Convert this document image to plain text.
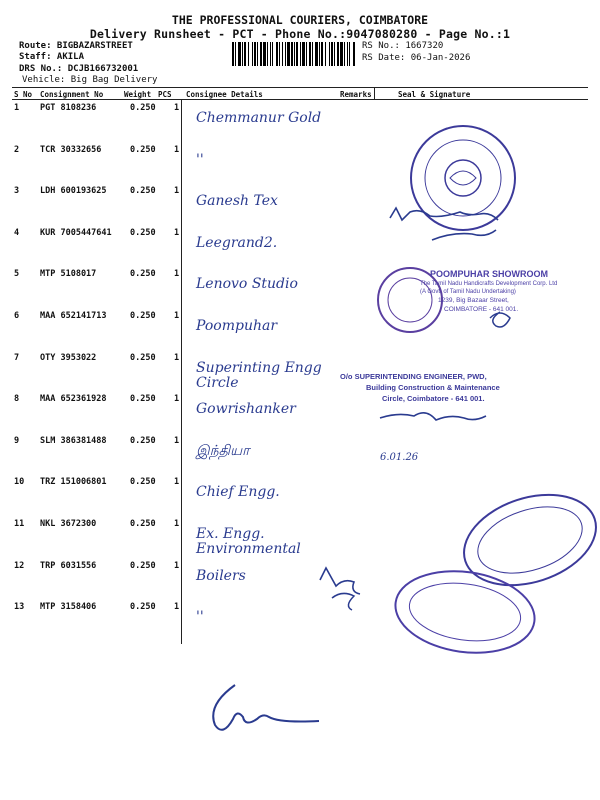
THE PROFESSIONAL COURIERS, COIMBATORE
Delivery Runsheet - PCT - Phone No.:9047080280 - Page No.:1
Route: BIGBAZARSTREET
Staff: AKILA
DRS No.: DCJB166732001
Vehicle: Big Bag Delivery
RS No.: 1667320
RS Date: 06-Jan-2026
S No Consignment No	Weight PCS Consignee Details	Remarks	Seal & Signature
1 PGT 8108236	0.250 1
Chemmanur Gold
2 TCR 30332656	0.250 1
''
3 LDH 600193625	0.250 1
Ganesh Tex
4 KUR 7005447641 0.250 1
Leegrand2.
5 MTP 5108017	0.250 1
Lenovo Studio
6 MAA 652141713	0.250 1
Poompuhar
7 OTY 3953022	0.250 1
Superinting Engg Circle
8 MAA 652361928	0.250 1
Gowrishanker
9 SLM 386381488	0.250 1
இந்தியா
10 TRZ 151006801	0.250 1
Chief Engg.
11 NKL 3672300	0.250 1
Ex. Engg. Environmental
12 TRP 6031556	0.250 1
Boilers
13 MTP 3158406	0.250 1
''
POOMPUHAR SHOWROOM
The Tamil Nadu Handicrafts Development Corp. Ltd
(A Govt. of Tamil Nadu Undertaking)
1239, Big Bazaar Street,
COIMBATORE - 641 001.
O/o SUPERINTENDING ENGINEER, PWD,
Building Construction & Maintenance
Circle, Coimbatore - 641 001.
6.01.26
